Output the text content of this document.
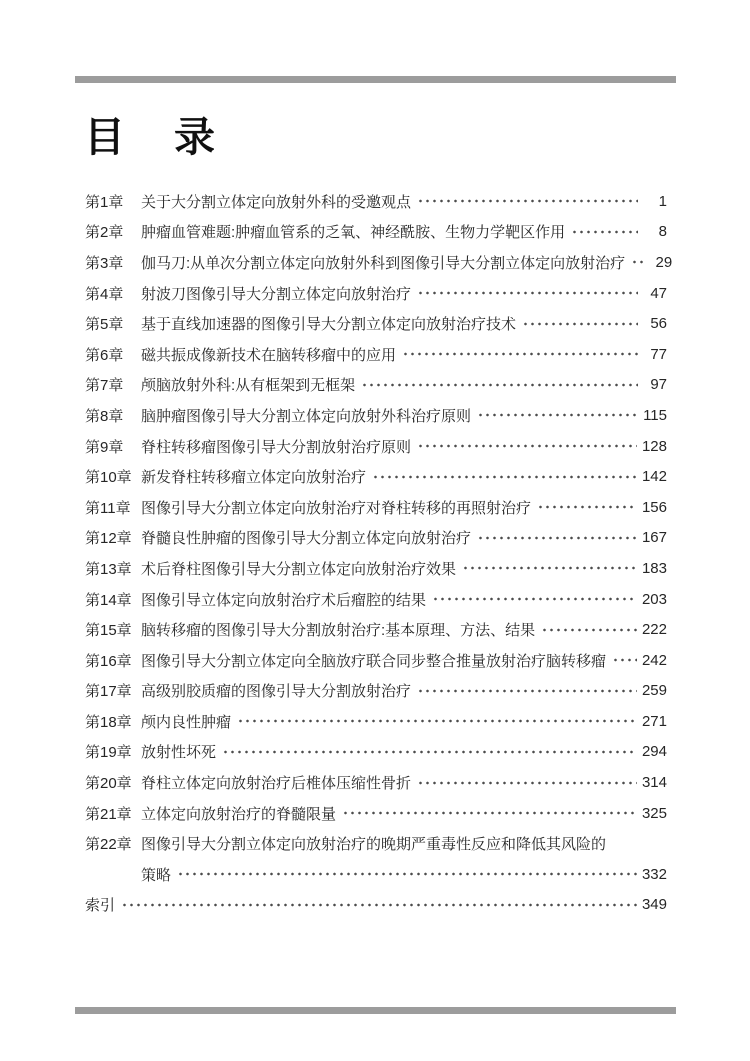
目　录
第1章	关于大分割立体定向放射外科的受邀观点	1
第2章	肿瘤血管难题:肿瘤血管系的乏氧、神经酰胺、生物力学靶区作用	8
第3章	伽马刀:从单次分割立体定向放射外科到图像引导大分割立体定向放射治疗	29
第4章	射波刀图像引导大分割立体定向放射治疗	47
第5章	基于直线加速器的图像引导大分割立体定向放射治疗技术	56
第6章	磁共振成像新技术在脑转移瘤中的应用	77
第7章	颅脑放射外科:从有框架到无框架	97
第8章	脑肿瘤图像引导大分割立体定向放射外科治疗原则	115
第9章	脊柱转移瘤图像引导大分割放射治疗原则	128
第10章 新发脊柱转移瘤立体定向放射治疗	142
第11章 图像引导大分割立体定向放射治疗对脊柱转移的再照射治疗	156
第12章 脊髓良性肿瘤的图像引导大分割立体定向放射治疗	167
第13章 术后脊柱图像引导大分割立体定向放射治疗效果	183
第14章 图像引导立体定向放射治疗术后瘤腔的结果	203
第15章 脑转移瘤的图像引导大分割放射治疗:基本原理、方法、结果	222
第16章 图像引导大分割立体定向全脑放疗联合同步整合推量放射治疗脑转移瘤 242
第17章 高级别胶质瘤的图像引导大分割放射治疗	259
第18章 颅内良性肿瘤	271
第19章 放射性坏死	294
第20章 脊柱立体定向放射治疗后椎体压缩性骨折	314
第21章 立体定向放射治疗的脊髓限量	325
第22章 图像引导大分割立体定向放射治疗的晚期严重毒性反应和降低其风险的
策略	332
索引	349
